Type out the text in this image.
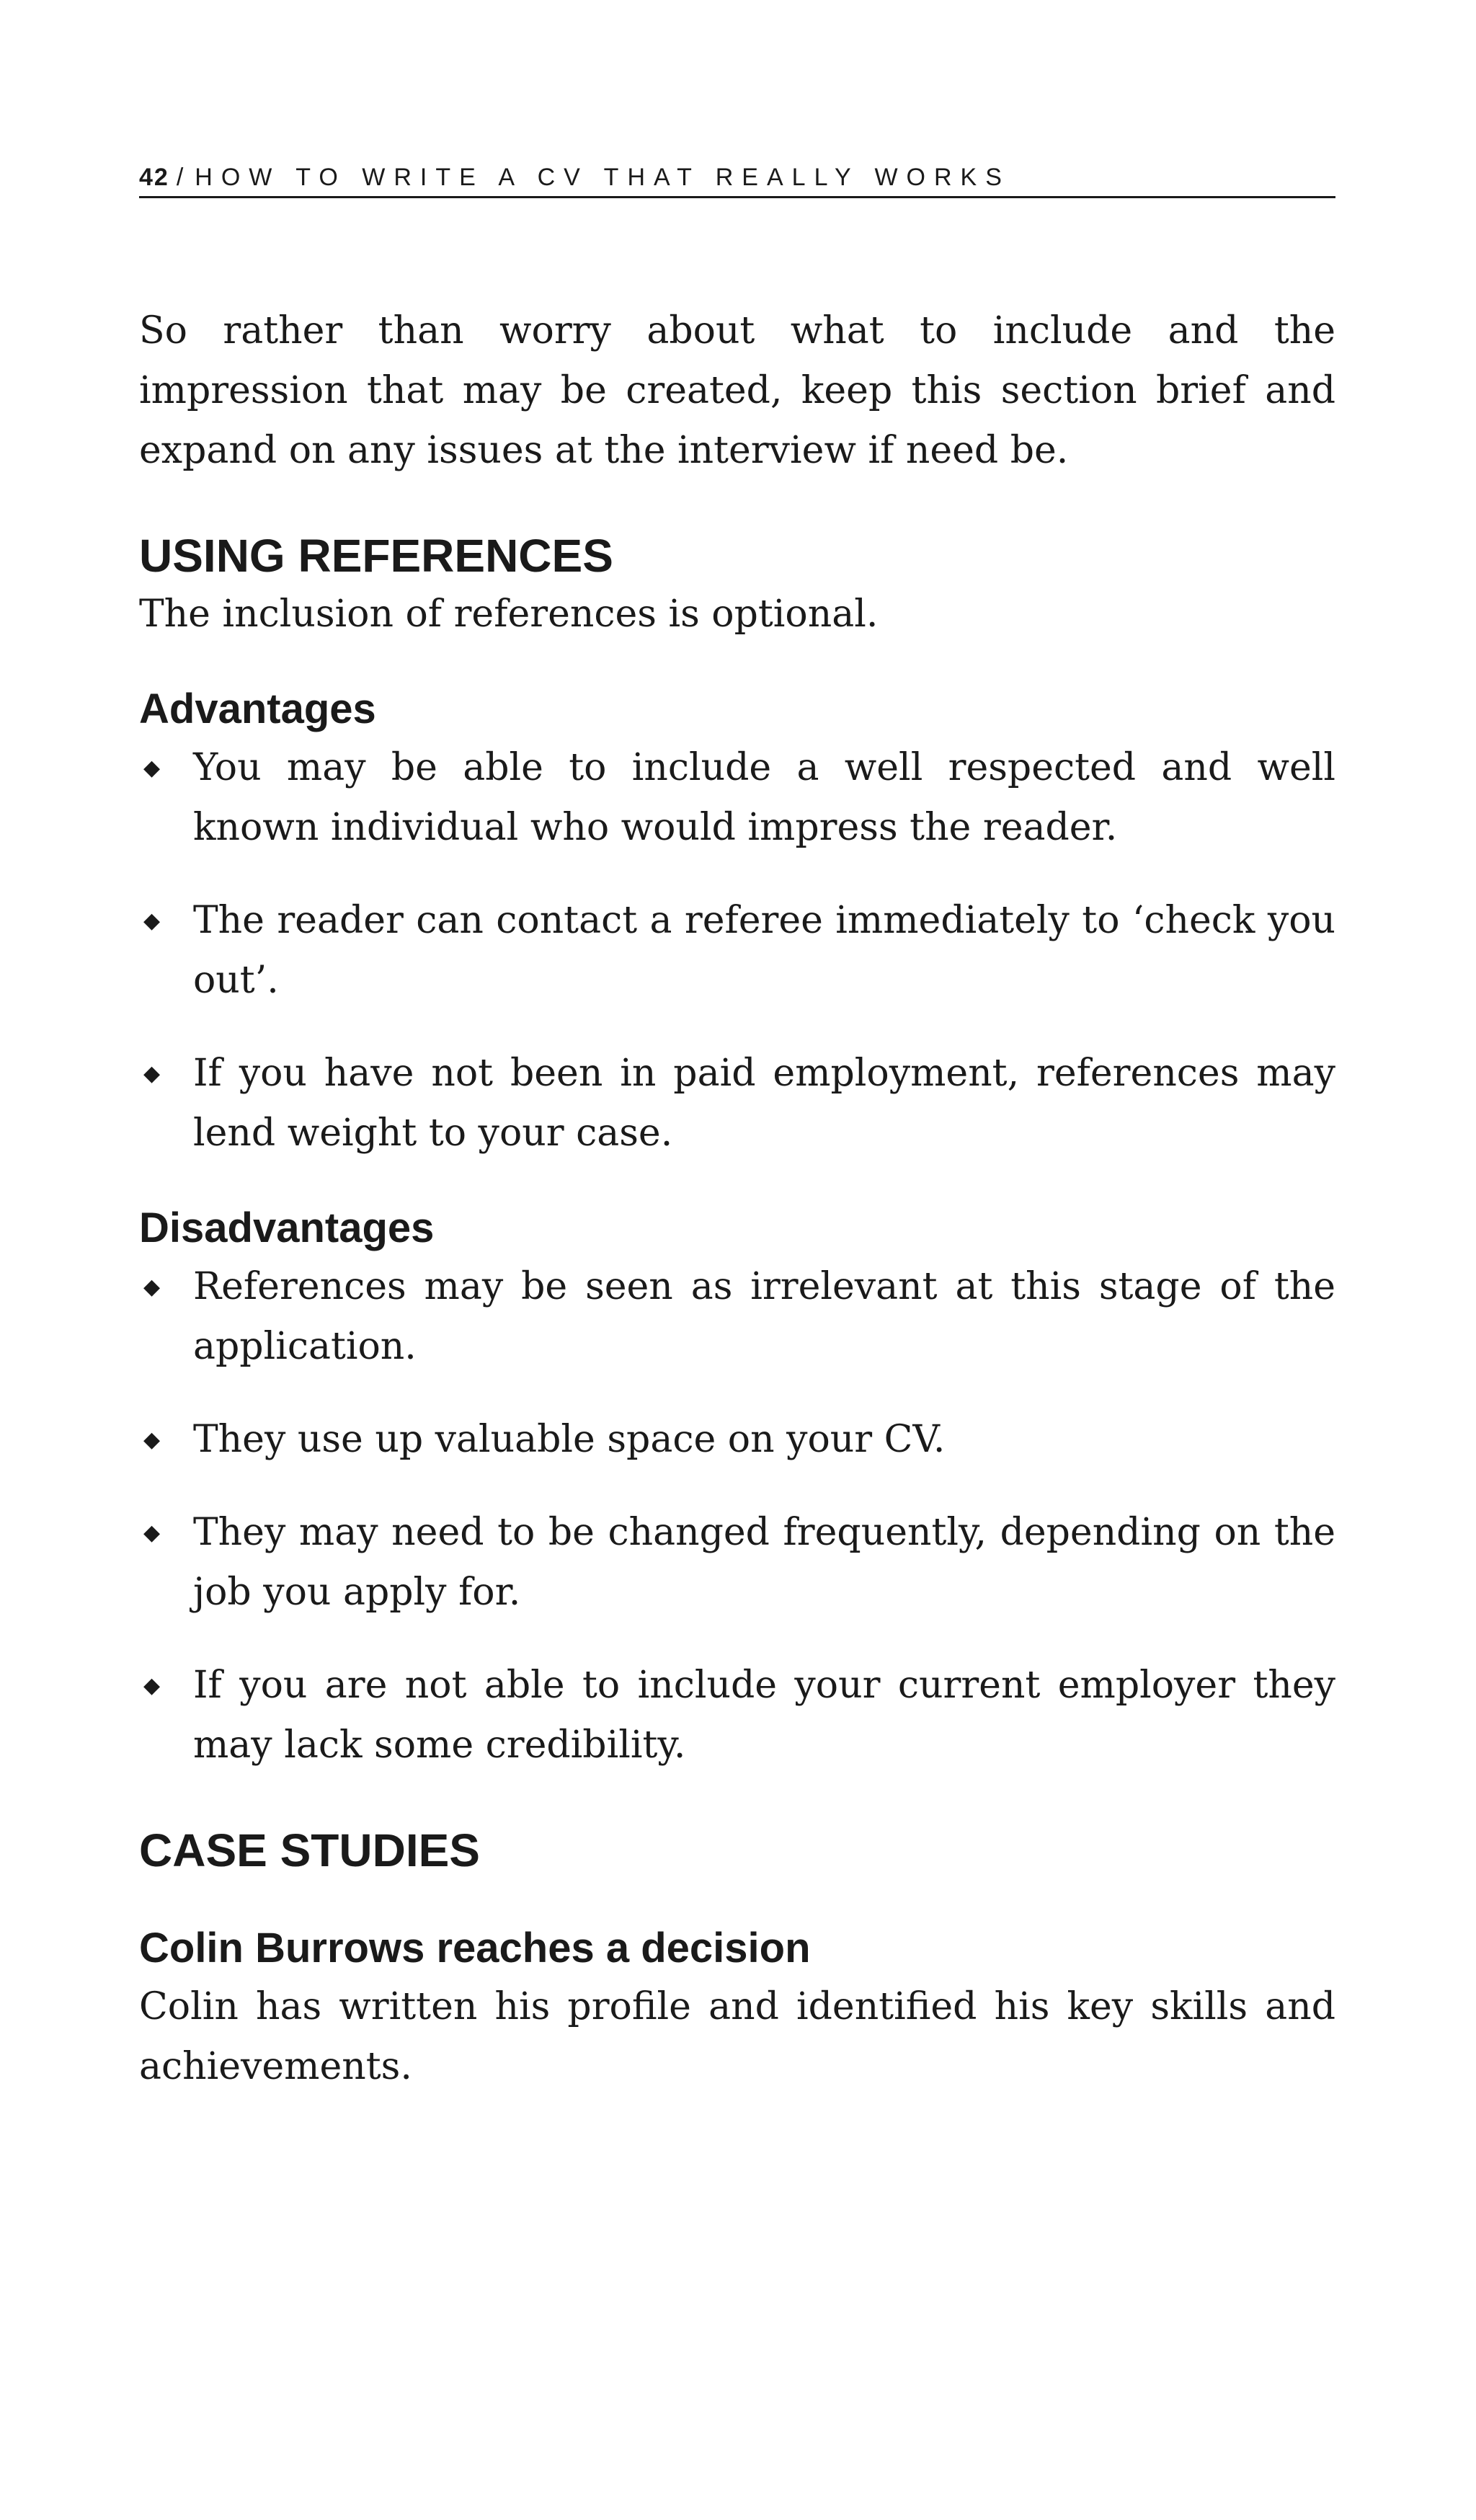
42 / HOW TO WRITE A CV THAT REALLY WORKS

So rather than worry about what to include and the impression that may be created, keep this section brief and expand on any issues at the interview if need be.

USING REFERENCES

The inclusion of references is optional.

Advantages
◆ You may be able to include a well respected and well known individual who would impress the reader.
◆ The reader can contact a referee immediately to ‘check you out’.
◆ If you have not been in paid employment, references may lend weight to your case.
Disadvantages
◆ References may be seen as irrelevant at this stage of the application.
◆ They use up valuable space on your CV.
◆ They may need to be changed frequently, depending on the job you apply for.
◆ If you are not able to include your current employer they may lack some credibility.
CASE STUDIES
Colin Burrows reaches a decision

Colin has written his profile and identified his key skills and achievements.
